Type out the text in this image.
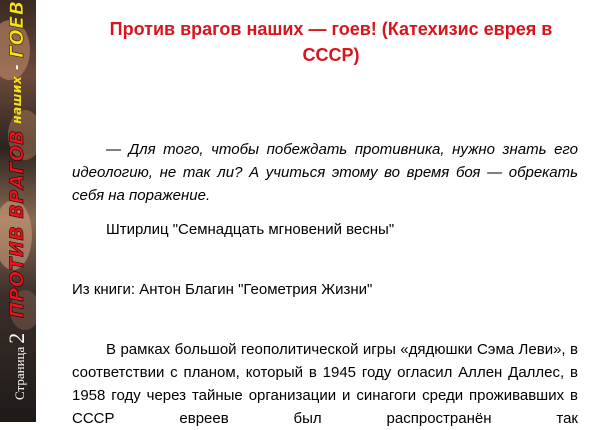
ПРОТИВ ВРАГОВ
наших
-
ГОЕВ
Страница
2
Против врагов наших — гоев! (Катехизис еврея в СССР)

— Для того, чтобы побеждать противника, нужно знать его идеологию, не так ли? А учиться этому во время боя — обрекать себя на поражение.

Штирлиц "Семнадцать мгновений весны"

Из книги: Антон Благин "Геометрия Жизни"

В рамках большой геополитической игры «дядюшки Сэма Леви», в соответствии с планом, который в 1945 году огласил Аллен Даллес, в 1958 году через тайные организации и синагоги среди проживавших в СССР евреев был распространён так
